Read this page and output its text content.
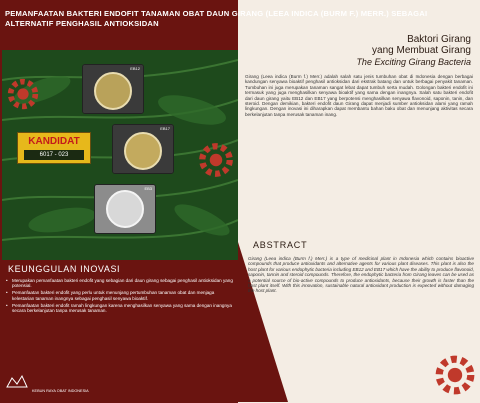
PEMANFAATAN BAKTERI ENDOFIT TANAMAN OBAT DAUN GIRANG (LEEA INDICA (BURM F.) MERR.) SEBAGAI ALTERNATIF PENGHASIL ANTIOKSIDAN
EB12
EB17
EB3
KANDIDAT
6017 - 023
Baktori Girang
yang Membuat Girang
The Exciting Girang Bacteria
Girang (Leea indica (Burm f.) Merr.) adalah salah satu jenis tumbuhan obat di Indonesia dengan berbagai kandungan senyawa bioaktif penghasil antioksidan dari ekstrak batang dan untuk berbagai penyakit tanaman. Tumbuhan ini juga merupakan tanaman sangat lebat dapat tumbuh serta mudah. Golongan bakteri endofit ini termasuk yang juga menghasilkan senyawa bioaktif yang sama dengan inangnya. Salah satu bakteri endofit dari daun girang yaitu EB12 dan EB17 yang berpotensi menghasilkan senyawa flavonoid, saponin, tanin, dan steroid. Dengan demikian, bakteri endofit daun Girang dapat menjadi sumber antioksidan alami yang ramah lingkungan. Dengan inovasi ini diharapkan dapat membantu bahan baku obat dan menunjang aktivitas secara berkelanjutan tanpa merusak tanaman inang.
ABSTRACT
Girang (Leea indica (Burm f.) Merr.) is a type of medicinal plant in Indonesia which contains bioactive compounds that produce antioxidants and alternative agents for various plant diseases. This plant is also the host plant for various endophytic bacteria including EB12 and EB17 which have the ability to produce flavonoid, saponin, tannin and steroid compounds. Therefore, the endophytic bacteria from Girang leaves can be used as a potential source of bio-active compounds to produce antioxidants, because their growth is faster than the host plant itself. With this innovation, sustainable natural antioxidant production is expected without damaging the host plant.
KEUNGGULAN INOVASI
• Merupakan pemanfaatan bakteri endofit yang sebagian dari daun girang sebagai penghasil antioksidan yang potensial.
• Pemanfaatan bakteri endofit yang perlu untuk menunjang pertumbuhan tanaman obat dan menjaga kelestarian tanaman inangnya sebagai penghasil senyawa bioaktif.
• Pemanfaatan bakteri endofit ramah lingkungan karena menghasilkan senyawa yang sama dengan inangnya secara berkelanjutan tanpa merusak tanaman.
KEBUN RAYA OBAT INDONESIA
